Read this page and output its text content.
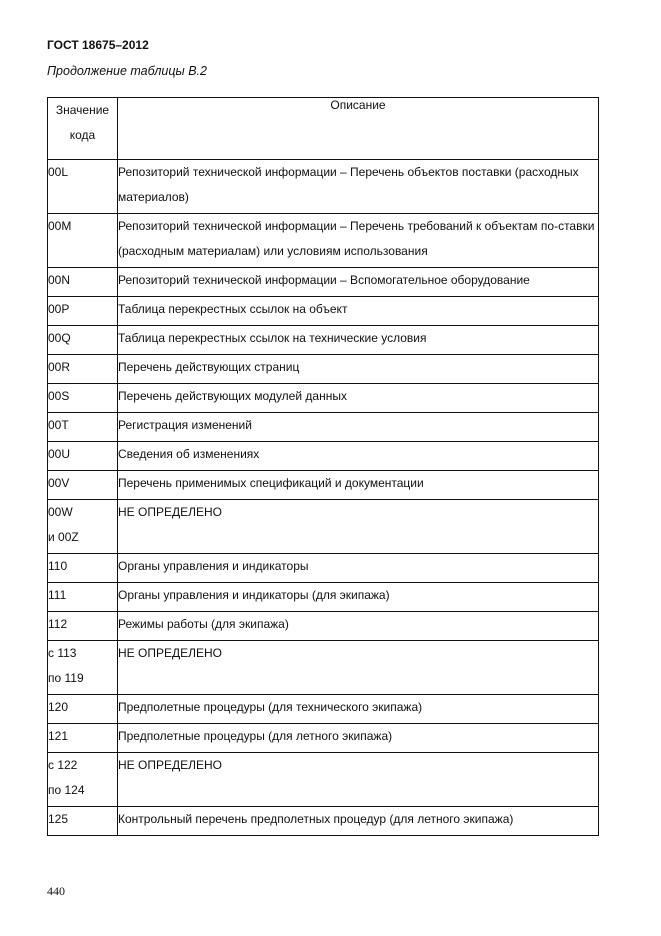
ГОСТ 18675–2012
Продолжение таблицы В.2
Значение
кода	Описание
00L	Репозиторий технической информации – Перечень объектов поставки (расходных материалов)
00M	Репозиторий технической информации – Перечень требований к объектам по-ставки (расходным материалам) или условиям использования
00N	Репозиторий технической информации – Вспомогательное оборудование
00P	Таблица перекрестных ссылок на объект
00Q	Таблица перекрестных ссылок на технические условия
00R	Перечень действующих страниц
00S	Перечень действующих модулей данных
00T	Регистрация изменений
00U	Сведения об изменениях
00V	Перечень применимых спецификаций и документации
00W
и 00Z	НЕ ОПРЕДЕЛЕНО
110	Органы управления и индикаторы
111	Органы управления и индикаторы (для экипажа)
112	Режимы работы (для экипажа)
с 113
по 119	НЕ ОПРЕДЕЛЕНО
120	Предполетные процедуры (для технического экипажа)
121	Предполетные процедуры (для летного экипажа)
с 122
по 124	НЕ ОПРЕДЕЛЕНО
125	Контрольный перечень предполетных процедур (для летного экипажа)
440
